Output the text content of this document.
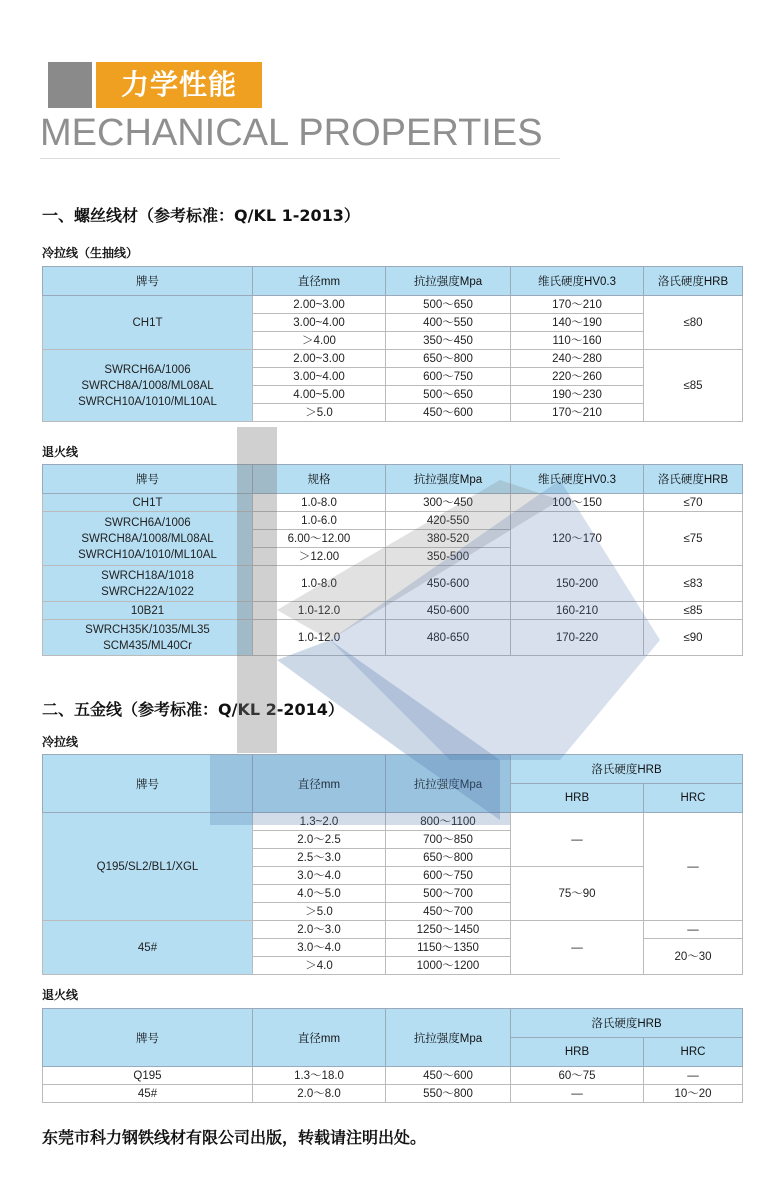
力学性能
MECHANICAL PROPERTIES
一、螺丝线材（参考标准：Q/KL 1-2013）
冷拉线（生抽线）
牌号	直径mm	抗拉强度Mpa	维氏硬度HV0.3	洛氏硬度HRB
CH1T	2.00~3.00	500～650	170～210	≤80
	3.00~4.00	400～550	140～190	
	＞4.00	350～450	110～160	
SWRCH6A/1006
SWRCH8A/1008/ML08AL
SWRCH10A/1010/ML10AL	2.00~3.00	650～800	240～280	≤85
	3.00~4.00	600～750	220～260	
	4.00~5.00	500～650	190～230	
	＞5.0	450～600	170～210	
退火线
牌号	规格	抗拉强度Mpa	维氏硬度HV0.3	洛氏硬度HRB
CH1T	1.0-8.0	300～450	100～150	≤70
SWRCH6A/1006
SWRCH8A/1008/ML08AL
SWRCH10A/1010/ML10AL	1.0-6.0	420-550	120～170	≤75
	6.00～12.00	380-520		
	＞12.00	350-500		
SWRCH18A/1018
SWRCH22A/1022	1.0-8.0	450-600	150-200	≤83
10B21	1.0-12.0	450-600	160-210	≤85
SWRCH35K/1035/ML35
SCM435/ML40Cr	1.0-12.0	480-650	170-220	≤90
二、五金线（参考标准：Q/KL 2-2014）
冷拉线
牌号	直径mm	抗拉强度Mpa	洛氏硬度HRB	
			HRB	HRC
Q195/SL2/BL1/XGL	1.3~2.0	800～1100	—	—
	2.0～2.5	700～850		
	2.5～3.0	650～800		
	3.0～4.0	600～750	75～90	
	4.0～5.0	500～700		
	＞5.0	450～700		
45#	2.0～3.0	1250～1450	—	—
	3.0～4.0	1150～1350		20～30
	＞4.0	1000～1200		
退火线
牌号	直径mm	抗拉强度Mpa	洛氏硬度HRB	
			HRB	HRC
Q195	1.3～18.0	450～600	60～75	—
45#	2.0～8.0	550～800	—	10～20
东莞市科力钢铁线材有限公司出版，转载请注明出处。
